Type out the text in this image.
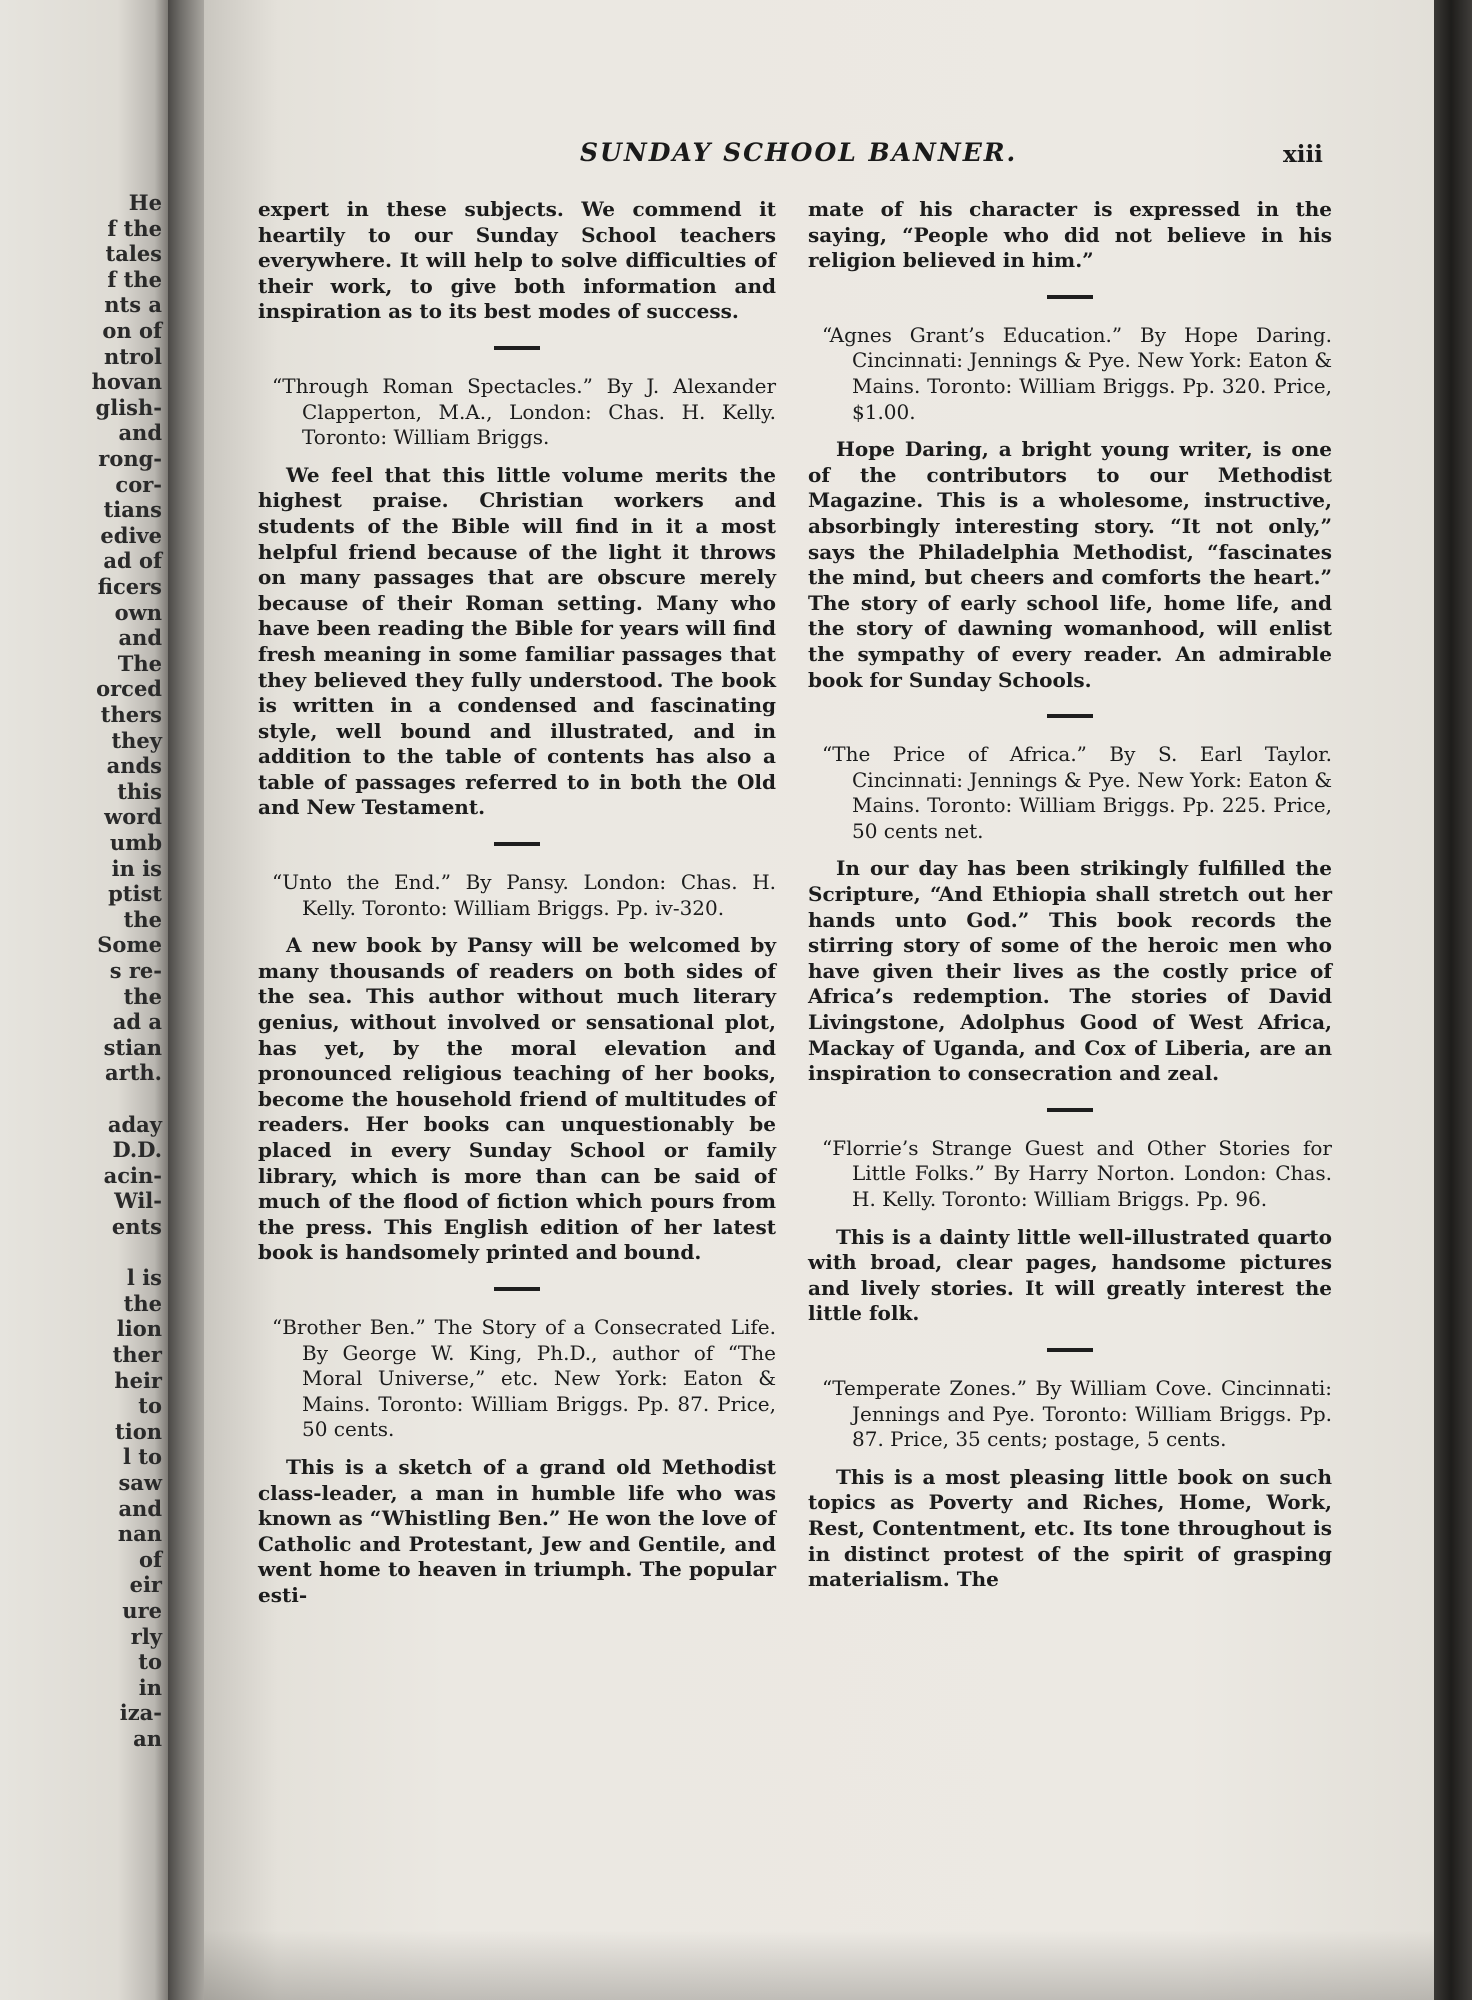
He
f the
tales
f the
nts a
on of
ntrol
hovan
glish-
and
rong-
cor-
tians
edive
ad of
ficers
own
and
The
orced
thers
they
ands
this
word
umb
in is
ptist
the
Some
s re-
the
ad a
stian
arth.
aday
D.D.
acin-
Wil-
ents
l is
the
lion
ther
heir
to
tion
l to
saw
and
nan
of
eir
ure
rly
to
in
iza-
an
SUNDAY SCHOOL BANNER.	xiii

expert in these subjects. We commend it heartily to our Sunday School teachers everywhere. It will help to solve difficulties of their work, to give both information and inspiration as to its best modes of success.

“Through Roman Spectacles.” By J. Alexander Clapperton, M.A., London: Chas. H. Kelly. Toronto: William Briggs.

We feel that this little volume merits the highest praise. Christian workers and students of the Bible will find in it a most helpful friend because of the light it throws on many passages that are obscure merely because of their Roman setting. Many who have been reading the Bible for years will find fresh meaning in some familiar passages that they believed they fully understood. The book is written in a condensed and fascinating style, well bound and illustrated, and in addition to the table of contents has also a table of passages referred to in both the Old and New Testament.

“Unto the End.” By Pansy. London: Chas. H. Kelly. Toronto: William Briggs. Pp. iv-320.

A new book by Pansy will be welcomed by many thousands of readers on both sides of the sea. This author without much literary genius, without involved or sensational plot, has yet, by the moral elevation and pronounced religious teaching of her books, become the household friend of multitudes of readers. Her books can unquestionably be placed in every Sunday School or family library, which is more than can be said of much of the flood of fiction which pours from the press. This English edition of her latest book is handsomely printed and bound.

“Brother Ben.” The Story of a Consecrated Life. By George W. King, Ph.D., author of “The Moral Universe,” etc. New York: Eaton & Mains. Toronto: William Briggs. Pp. 87. Price, 50 cents.

This is a sketch of a grand old Methodist class-leader, a man in humble life who was known as “Whistling Ben.” He won the love of Catholic and Protestant, Jew and Gentile, and went home to heaven in triumph. The popular esti-

mate of his character is expressed in the saying, “People who did not believe in his religion believed in him.”

“Agnes Grant’s Education.” By Hope Daring. Cincinnati: Jennings & Pye. New York: Eaton & Mains. Toronto: William Briggs. Pp. 320. Price, $1.00.

Hope Daring, a bright young writer, is one of the contributors to our Methodist Magazine. This is a wholesome, instructive, absorbingly interesting story. “It not only,” says the Philadelphia Methodist, “fascinates the mind, but cheers and comforts the heart.” The story of early school life, home life, and the story of dawning womanhood, will enlist the sympathy of every reader. An admirable book for Sunday Schools.

“The Price of Africa.” By S. Earl Taylor. Cincinnati: Jennings & Pye. New York: Eaton & Mains. Toronto: William Briggs. Pp. 225. Price, 50 cents net.

In our day has been strikingly fulfilled the Scripture, “And Ethiopia shall stretch out her hands unto God.” This book records the stirring story of some of the heroic men who have given their lives as the costly price of Africa’s redemption. The stories of David Livingstone, Adolphus Good of West Africa, Mackay of Uganda, and Cox of Liberia, are an inspiration to consecration and zeal.

“Florrie’s Strange Guest and Other Stories for Little Folks.” By Harry Norton. London: Chas. H. Kelly. Toronto: William Briggs. Pp. 96.

This is a dainty little well-illustrated quarto with broad, clear pages, handsome pictures and lively stories. It will greatly interest the little folk.

“Temperate Zones.” By William Cove. Cincinnati: Jennings and Pye. Toronto: William Briggs. Pp. 87. Price, 35 cents; postage, 5 cents.

This is a most pleasing little book on such topics as Poverty and Riches, Home, Work, Rest, Contentment, etc. Its tone throughout is in distinct protest of the spirit of grasping materialism. The
